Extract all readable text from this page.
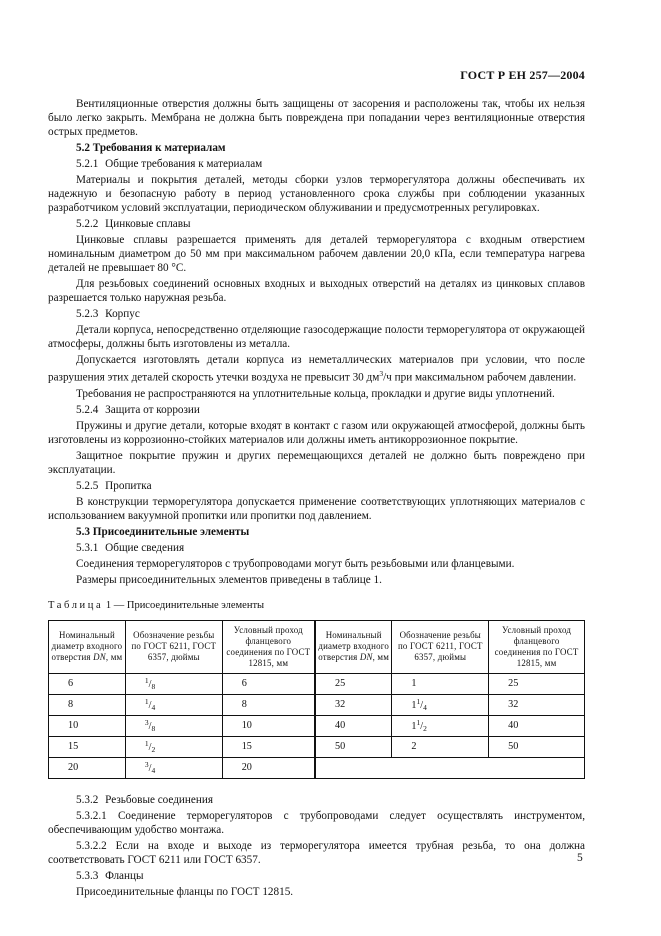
ГОСТ Р ЕН 257—2004

Вентиляционные отверстия должны быть защищены от засорения и расположены так, чтобы их нельзя было легко закрыть. Мембрана не должна быть повреждена при попадании через вентиляционные отверстия острых предметов.

5.2 Требования к материалам

5.2.1 Общие требования к материалам

Материалы и покрытия деталей, методы сборки узлов терморегулятора должны обеспечивать их надежную и безопасную работу в период установленного срока службы при соблюдении указанных разработчиком условий эксплуатации, периодическом облуживании и предусмотренных регулировках.

5.2.2 Цинковые сплавы

Цинковые сплавы разрешается применять для деталей терморегулятора с входным отверстием номинальным диаметром до 50 мм при максимальном рабочем давлении 20,0 кПа, если температура нагрева деталей не превышает 80 °С.

Для резьбовых соединений основных входных и выходных отверстий на деталях из цинковых сплавов разрешается только наружная резьба.

5.2.3 Корпус

Детали корпуса, непосредственно отделяющие газосодержащие полости терморегулятора от окружающей атмосферы, должны быть изготовлены из металла.

Допускается изготовлять детали корпуса из неметаллических материалов при условии, что после разрушения этих деталей скорость утечки воздуха не превысит 30 $дм^3/ч$ при максимальном рабочем давлении.

Требования не распространяются на уплотнительные кольца, прокладки и другие виды уплотнений.

5.2.4 Защита от коррозии

Пружины и другие детали, которые входят в контакт с газом или окружающей атмосферой, должны быть изготовлены из коррозионно-стойких материалов или должны иметь антикоррозионное покрытие.

Защитное покрытие пружин и других перемещающихся деталей не должно быть повреждено при эксплуатации.

5.2.5 Пропитка

В конструкции терморегулятора допускается применение соответствующих уплотняющих материалов с использованием вакуумной пропитки или пропитки под давлением.

5.3 Присоединительные элементы

5.3.1 Общие сведения

Соединения терморегуляторов с трубопроводами могут быть резьбовыми или фланцевыми.

Размеры присоединительных элементов приведены в таблице 1.

Таблица 1 — Присоединительные элементы
Номинальный диаметр входного отверстия DN, мм	Обозначение резьбы по ГОСТ 6211, ГОСТ 6357, дюймы	Условный проход фланцевого соединения по ГОСТ 12815, мм	Номинальный диаметр входного отверстия DN, мм	Обозначение резьбы по ГОСТ 6211, ГОСТ 6357, дюймы	Условный проход фланцевого соединения по ГОСТ 12815, мм
6	$^1/_8$	6	25	1	25
8	$^1/_4$	8	32	$1^1/_4$	32
10	$^3/_8$	10	40	$1^1/_2$	40
15	$^1/_2$	15	50	2	50
20	$^3/_4$	20			

5.3.2 Резьбовые соединения

5.3.2.1 Соединение терморегуляторов с трубопроводами следует осуществлять инструментом, обеспечивающим удобство монтажа.

5.3.2.2 Если на входе и выходе из терморегулятора имеется трубная резьба, то она должна соответствовать ГОСТ 6211 или ГОСТ 6357.

5.3.3 Фланцы

Присоединительные фланцы по ГОСТ 12815.

5
